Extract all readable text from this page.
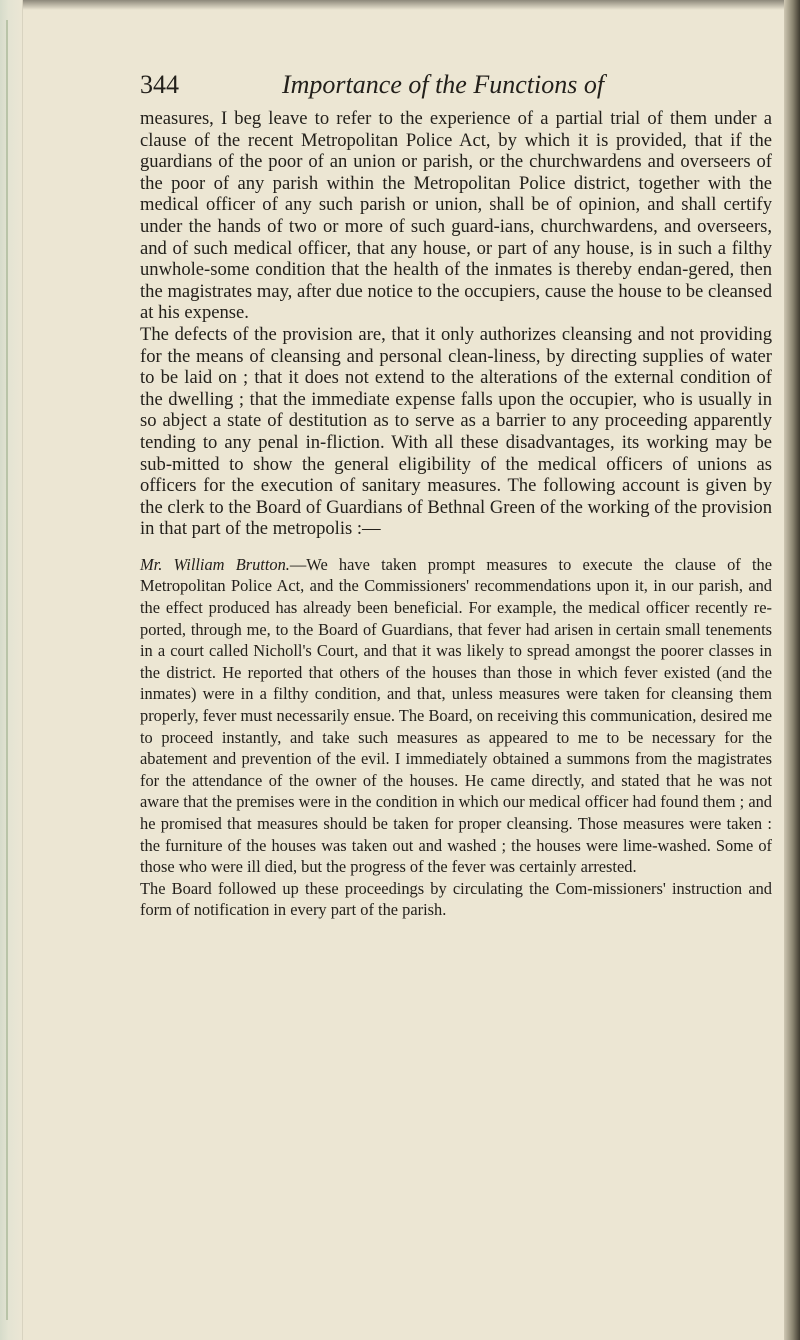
344	Importance of the Functions of

measures, I beg leave to refer to the experience of a partial trial of them under a clause of the recent Metropolitan Police Act, by which it is provided, that if the guardians of the poor of an union or parish, or the churchwardens and overseers of the poor of any parish within the Metropolitan Police district, together with the medical officer of any such parish or union, shall be of opinion, and shall certify under the hands of two or more of such guard-ians, churchwardens, and overseers, and of such medical officer, that any house, or part of any house, is in such a filthy unwhole-some condition that the health of the inmates is thereby endan-gered, then the magistrates may, after due notice to the occupiers, cause the house to be cleansed at his expense.

The defects of the provision are, that it only authorizes cleansing and not providing for the means of cleansing and personal clean-liness, by directing supplies of water to be laid on ; that it does not extend to the alterations of the external condition of the dwelling ; that the immediate expense falls upon the occupier, who is usually in so abject a state of destitution as to serve as a barrier to any proceeding apparently tending to any penal in-fliction. With all these disadvantages, its working may be sub-mitted to show the general eligibility of the medical officers of unions as officers for the execution of sanitary measures. The following account is given by the clerk to the Board of Guardians of Bethnal Green of the working of the provision in that part of the metropolis :—

Mr. William Brutton.—We have taken prompt measures to execute the clause of the Metropolitan Police Act, and the Commissioners' recommendations upon it, in our parish, and the effect produced has already been beneficial. For example, the medical officer recently re-ported, through me, to the Board of Guardians, that fever had arisen in certain small tenements in a court called Nicholl's Court, and that it was likely to spread amongst the poorer classes in the district. He reported that others of the houses than those in which fever existed (and the inmates) were in a filthy condition, and that, unless measures were taken for cleansing them properly, fever must necessarily ensue. The Board, on receiving this communication, desired me to proceed instantly, and take such measures as appeared to me to be necessary for the abatement and prevention of the evil. I immediately obtained a summons from the magistrates for the attendance of the owner of the houses. He came directly, and stated that he was not aware that the premises were in the condition in which our medical officer had found them ; and he promised that measures should be taken for proper cleansing. Those measures were taken : the furniture of the houses was taken out and washed ; the houses were lime-washed. Some of those who were ill died, but the progress of the fever was certainly arrested.

The Board followed up these proceedings by circulating the Com-missioners' instruction and form of notification in every part of the parish.
